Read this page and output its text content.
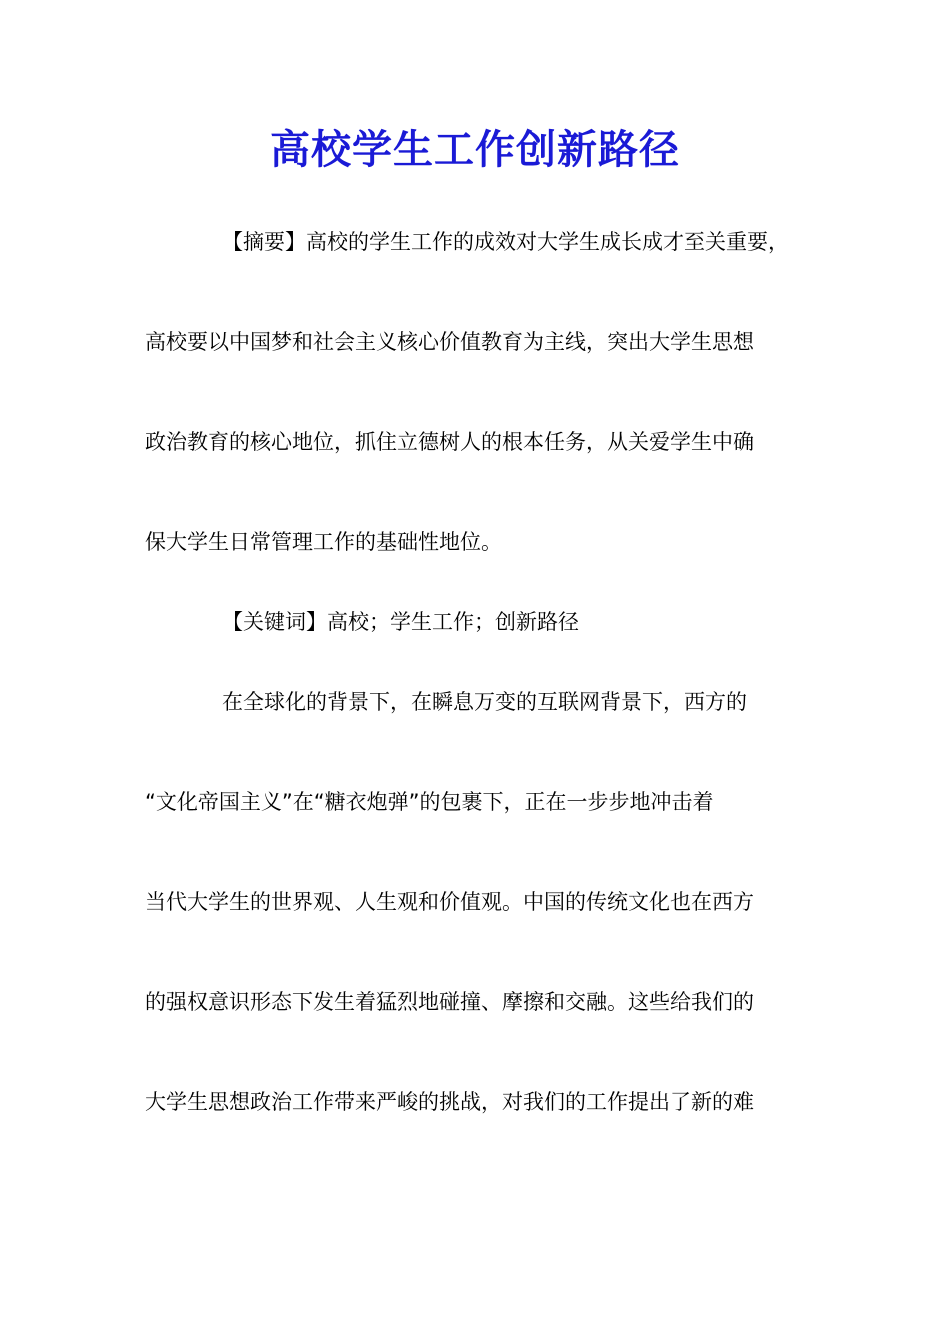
高校学生工作创新路径
【摘要】高校的学生工作的成效对大学生成长成才至关重要，
高校要以中国梦和社会主义核心价值教育为主线，突出大学生思想
政治教育的核心地位，抓住立德树人的根本任务，从关爱学生中确
保大学生日常管理工作的基础性地位。
【关键词】高校；学生工作；创新路径
在全球化的背景下，在瞬息万变的互联网背景下，西方的
“文化帝国主义”在“糖衣炮弹”的包裹下，正在一步步地冲击着
当代大学生的世界观、人生观和价值观。中国的传统文化也在西方
的强权意识形态下发生着猛烈地碰撞、摩擦和交融。这些给我们的
大学生思想政治工作带来严峻的挑战，对我们的工作提出了新的难
